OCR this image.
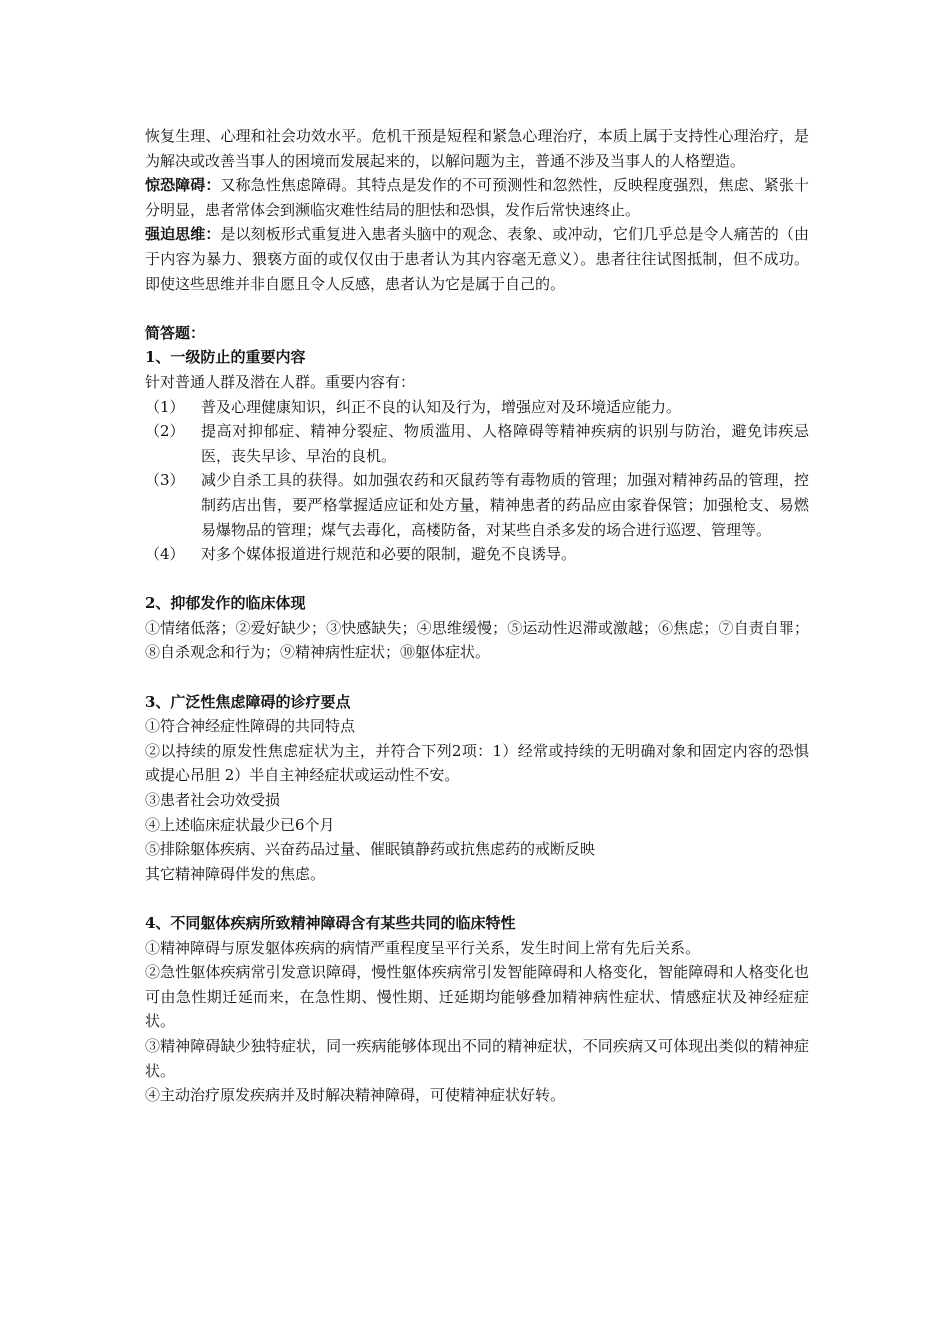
恢复生理、心理和社会功效水平。危机干预是短程和紧急心理治疗，本质上属于支持性心理治疗，是为解决或改善当事人的困境而发展起来的，以解问题为主，普通不涉及当事人的人格塑造。

惊恐障碍：又称急性焦虑障碍。其特点是发作的不可预测性和忽然性，反映程度强烈，焦虑、紧张十分明显，患者常体会到濒临灾难性结局的胆怯和恐惧，发作后常快速终止。

强迫思维：是以刻板形式重复进入患者头脑中的观念、表象、或冲动，它们几乎总是令人痛苦的（由于内容为暴力、猥亵方面的或仅仅由于患者认为其内容毫无意义）。患者往往试图抵制，但不成功。即使这些思维并非自愿且令人反感，患者认为它是属于自己的。

简答题：

1、一级防止的重要内容

针对普通人群及潜在人群。重要内容有：

（1）	普及心理健康知识，纠正不良的认知及行为，增强应对及环境适应能力。
（2）	提高对抑郁症、精神分裂症、物质滥用、人格障碍等精神疾病的识别与防治，避免讳疾忌医，丧失早诊、早治的良机。
（3）	减少自杀工具的获得。如加强农药和灭鼠药等有毒物质的管理；加强对精神药品的管理，控制药店出售，要严格掌握适应证和处方量，精神患者的药品应由家眷保管；加强枪支、易燃易爆物品的管理；煤气去毒化，高楼防备，对某些自杀多发的场合进行巡逻、管理等。
（4）	对多个媒体报道进行规范和必要的限制，避免不良诱导。

2、抑郁发作的临床体现

①情绪低落；②爱好缺少；③快感缺失；④思维缓慢；⑤运动性迟滞或激越；⑥焦虑；⑦自责自罪；⑧自杀观念和行为；⑨精神病性症状；⑩躯体症状。

3、广泛性焦虑障碍的诊疗要点

①符合神经症性障碍的共同特点

②以持续的原发性焦虑症状为主，并符合下列2项：1）经常或持续的无明确对象和固定内容的恐惧或提心吊胆 2）半自主神经症状或运动性不安。

③患者社会功效受损

④上述临床症状最少已6个月

⑤排除躯体疾病、兴奋药品过量、催眠镇静药或抗焦虑药的戒断反映

其它精神障碍伴发的焦虑。

4、不同躯体疾病所致精神障碍含有某些共同的临床特性

①精神障碍与原发躯体疾病的病情严重程度呈平行关系，发生时间上常有先后关系。

②急性躯体疾病常引发意识障碍，慢性躯体疾病常引发智能障碍和人格变化，智能障碍和人格变化也可由急性期迁延而来，在急性期、慢性期、迁延期均能够叠加精神病性症状、情感症状及神经症症状。

③精神障碍缺少独特症状，同一疾病能够体现出不同的精神症状，不同疾病又可体现出类似的精神症状。

④主动治疗原发疾病并及时解决精神障碍，可使精神症状好转。
